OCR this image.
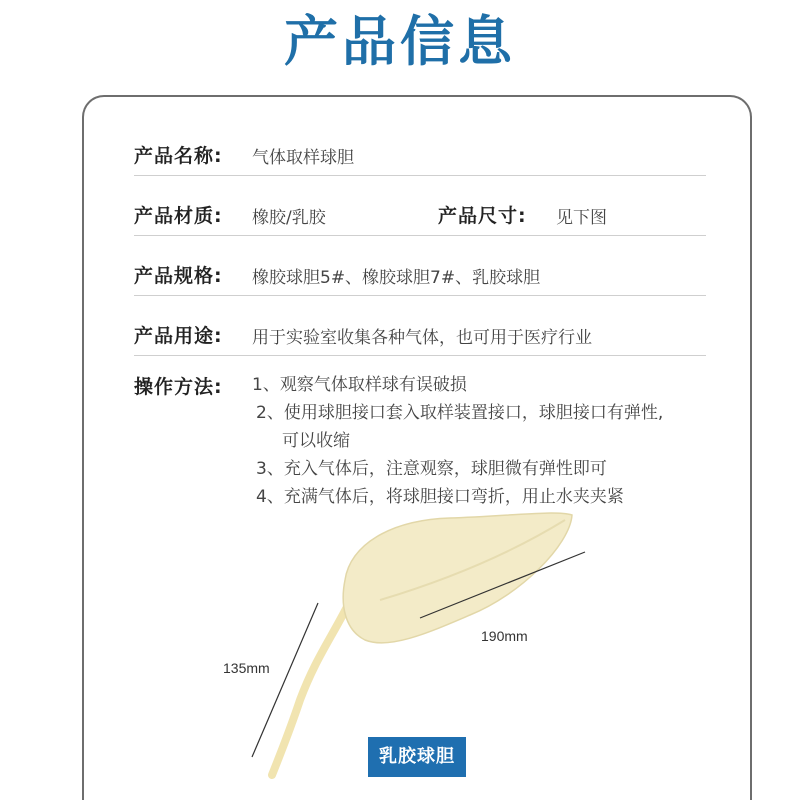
产品信息
产品名称: 气体取样球胆
产品材质: 橡胶/乳胶	产品尺寸: 见下图
产品规格: 橡胶球胆5#、橡胶球胆7#、乳胶球胆
产品用途: 用于实验室收集各种气体，也可用于医疗行业
操作方法: 1、观察气体取样球有误破损
2、使用球胆接口套入取样装置接口，球胆接口有弹性,
可以收缩
3、充入气体后，注意观察，球胆微有弹性即可
4、充满气体后，将球胆接口弯折，用止水夹夹紧
190mm
135mm
乳胶球胆
